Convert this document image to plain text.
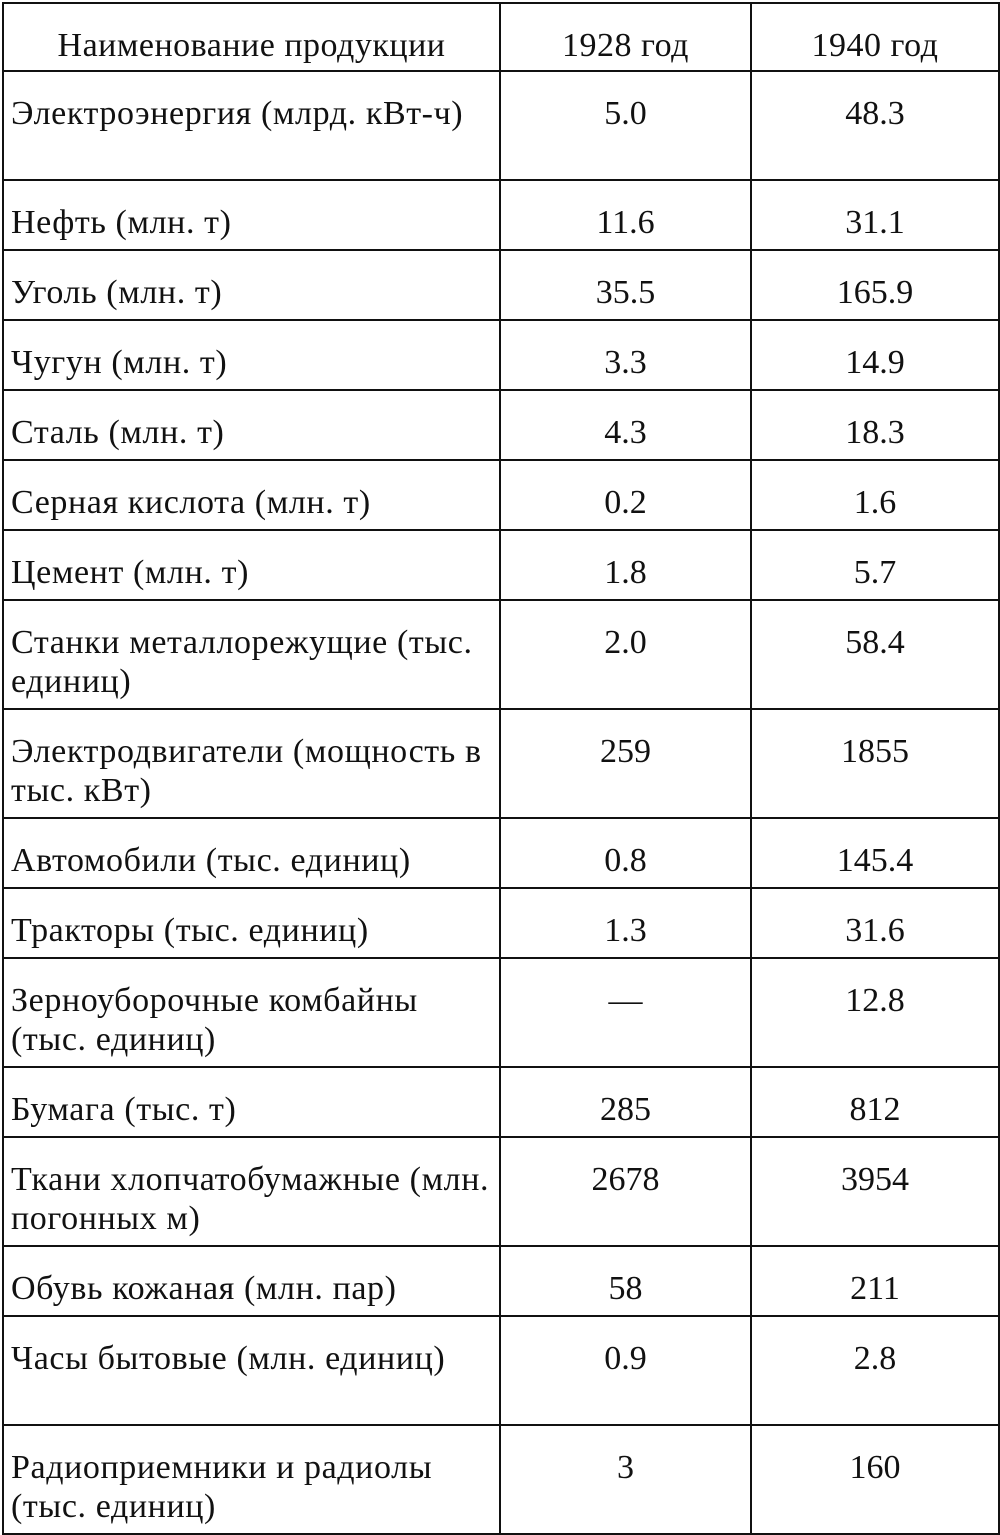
Наименование продукции	1928 год	1940 год
Электроэнергия (млрд. кВт-ч)	5.0	48.3
Нефть (млн. т)	11.6	31.1
Уголь (млн. т)	35.5	165.9
Чугун (млн. т)	3.3	14.9
Сталь (млн. т)	4.3	18.3
Серная кислота (млн. т)	0.2	1.6
Цемент (млн. т)	1.8	5.7
Станки металлорежущие (тыс. единиц)	2.0	58.4
Электродвигатели (мощность в тыс. кВт)	259	1855
Автомобили (тыс. единиц)	0.8	145.4
Тракторы (тыс. единиц)	1.3	31.6
Зерноуборочные комбайны (тыс. единиц)	—	12.8
Бумага (тыс. т)	285	812
Ткани хлопчатобумажные (млн. погонных м)	2678	3954
Обувь кожаная (млн. пар)	58	211
Часы бытовые (млн. единиц)	0.9	2.8
Радиоприемники и радиолы (тыс. единиц)	3	160
